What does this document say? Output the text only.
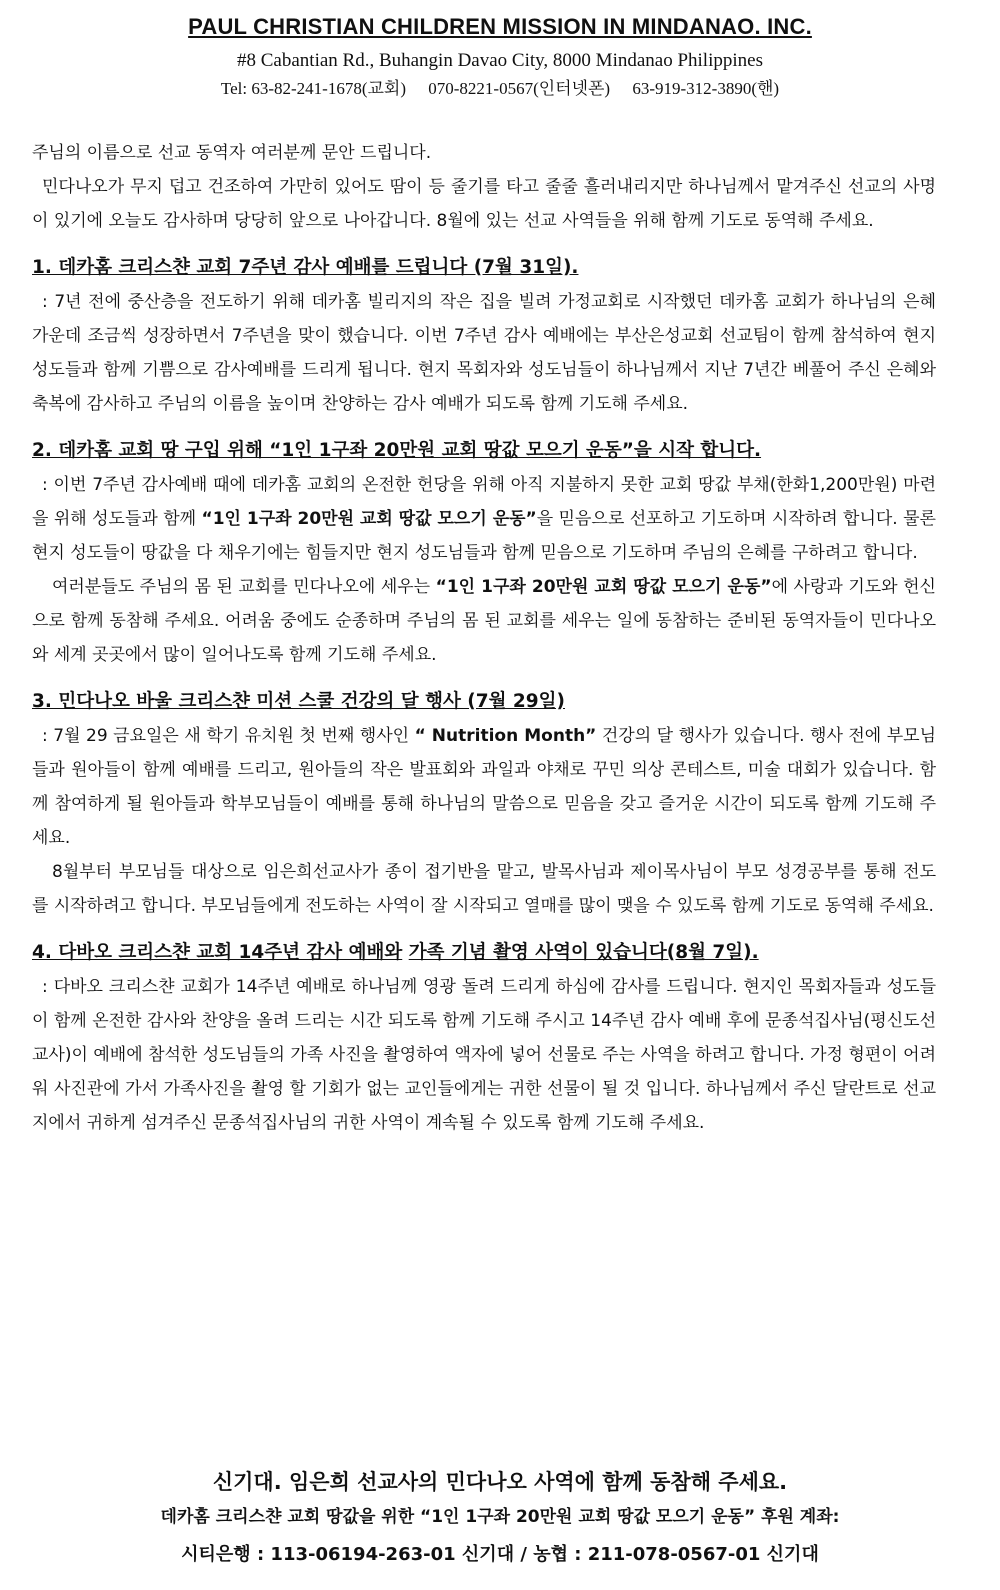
PAUL CHRISTIAN CHILDREN MISSION IN MINDANAO. INC.
#8 Cabantian Rd., Buhangin Davao City, 8000 Mindanao Philippines
Tel: 63-82-241-1678(교회) 070-8221-0567(인터넷폰) 63-919-312-3890(핸)

주님의 이름으로 선교 동역자 여러분께 문안 드립니다.

민다나오가 무지 덥고 건조하여 가만히 있어도 땀이 등 줄기를 타고 줄줄 흘러내리지만 하나님께서 맡겨주신 선교의 사명이 있기에 오늘도 감사하며 당당히 앞으로 나아갑니다. 8월에 있는 선교 사역들을 위해 함께 기도로 동역해 주세요.

1. 데카홈 크리스챤 교회 7주년 감사 예배를 드립니다 (7월 31일).

: 7년 전에 중산층을 전도하기 위해 데카홈 빌리지의 작은 집을 빌려 가정교회로 시작했던 데카홈 교회가 하나님의 은혜 가운데 조금씩 성장하면서 7주년을 맞이 했습니다. 이번 7주년 감사 예배에는 부산은성교회 선교팀이 함께 참석하여 현지 성도들과 함께 기쁨으로 감사예배를 드리게 됩니다. 현지 목회자와 성도님들이 하나님께서 지난 7년간 베풀어 주신 은혜와 축복에 감사하고 주님의 이름을 높이며 찬양하는 감사 예배가 되도록 함께 기도해 주세요.

2. 데카홈 교회 땅 구입 위해 “1인 1구좌 20만원 교회 땅값 모으기 운동”을 시작 합니다.

: 이번 7주년 감사예배 때에 데카홈 교회의 온전한 헌당을 위해 아직 지불하지 못한 교회 땅값 부채(한화1,200만원) 마련을 위해 성도들과 함께 “1인 1구좌 20만원 교회 땅값 모으기 운동”을 믿음으로 선포하고 기도하며 시작하려 합니다. 물론 현지 성도들이 땅값을 다 채우기에는 힘들지만 현지 성도님들과 함께 믿음으로 기도하며 주님의 은혜를 구하려고 합니다.

여러분들도 주님의 몸 된 교회를 민다나오에 세우는 “1인 1구좌 20만원 교회 땅값 모으기 운동”에 사랑과 기도와 헌신으로 함께 동참해 주세요. 어려움 중에도 순종하며 주님의 몸 된 교회를 세우는 일에 동참하는 준비된 동역자들이 민다나오와 세계 곳곳에서 많이 일어나도록 함께 기도해 주세요.

3. 민다나오 바울 크리스챤 미션 스쿨 건강의 달 행사 (7월 29일)

: 7월 29 금요일은 새 학기 유치원 첫 번째 행사인 “ Nutrition Month” 건강의 달 행사가 있습니다. 행사 전에 부모님들과 원아들이 함께 예배를 드리고, 원아들의 작은 발표회와 과일과 야채로 꾸민 의상 콘테스트, 미술 대회가 있습니다. 함께 참여하게 될 원아들과 학부모님들이 예배를 통해 하나님의 말씀으로 믿음을 갖고 즐거운 시간이 되도록 함께 기도해 주세요.

8월부터 부모님들 대상으로 임은희선교사가 종이 접기반을 맡고, 발목사님과 제이목사님이 부모 성경공부를 통해 전도를 시작하려고 합니다. 부모님들에게 전도하는 사역이 잘 시작되고 열매를 많이 맺을 수 있도록 함께 기도로 동역해 주세요.

4. 다바오 크리스챤 교회 14주년 감사 예배와 가족 기념 촬영 사역이 있습니다(8월 7일).

: 다바오 크리스챤 교회가 14주년 예배로 하나님께 영광 돌려 드리게 하심에 감사를 드립니다. 현지인 목회자들과 성도들이 함께 온전한 감사와 찬양을 올려 드리는 시간 되도록 함께 기도해 주시고 14주년 감사 예배 후에 문종석집사님(평신도선교사)이 예배에 참석한 성도님들의 가족 사진을 촬영하여 액자에 넣어 선물로 주는 사역을 하려고 합니다. 가정 형편이 어려워 사진관에 가서 가족사진을 촬영 할 기회가 없는 교인들에게는 귀한 선물이 될 것 입니다. 하나님께서 주신 달란트로 선교지에서 귀하게 섬겨주신 문종석집사님의 귀한 사역이 계속될 수 있도록 함께 기도해 주세요.

신기대. 임은희 선교사의 민다나오 사역에 함께 동참해 주세요.
데카홈 크리스챤 교회 땅값을 위한 “1인 1구좌 20만원 교회 땅값 모으기 운동” 후원 계좌:
시티은행 : 113-06194-263-01 신기대 / 농협 : 211-078-0567-01 신기대
